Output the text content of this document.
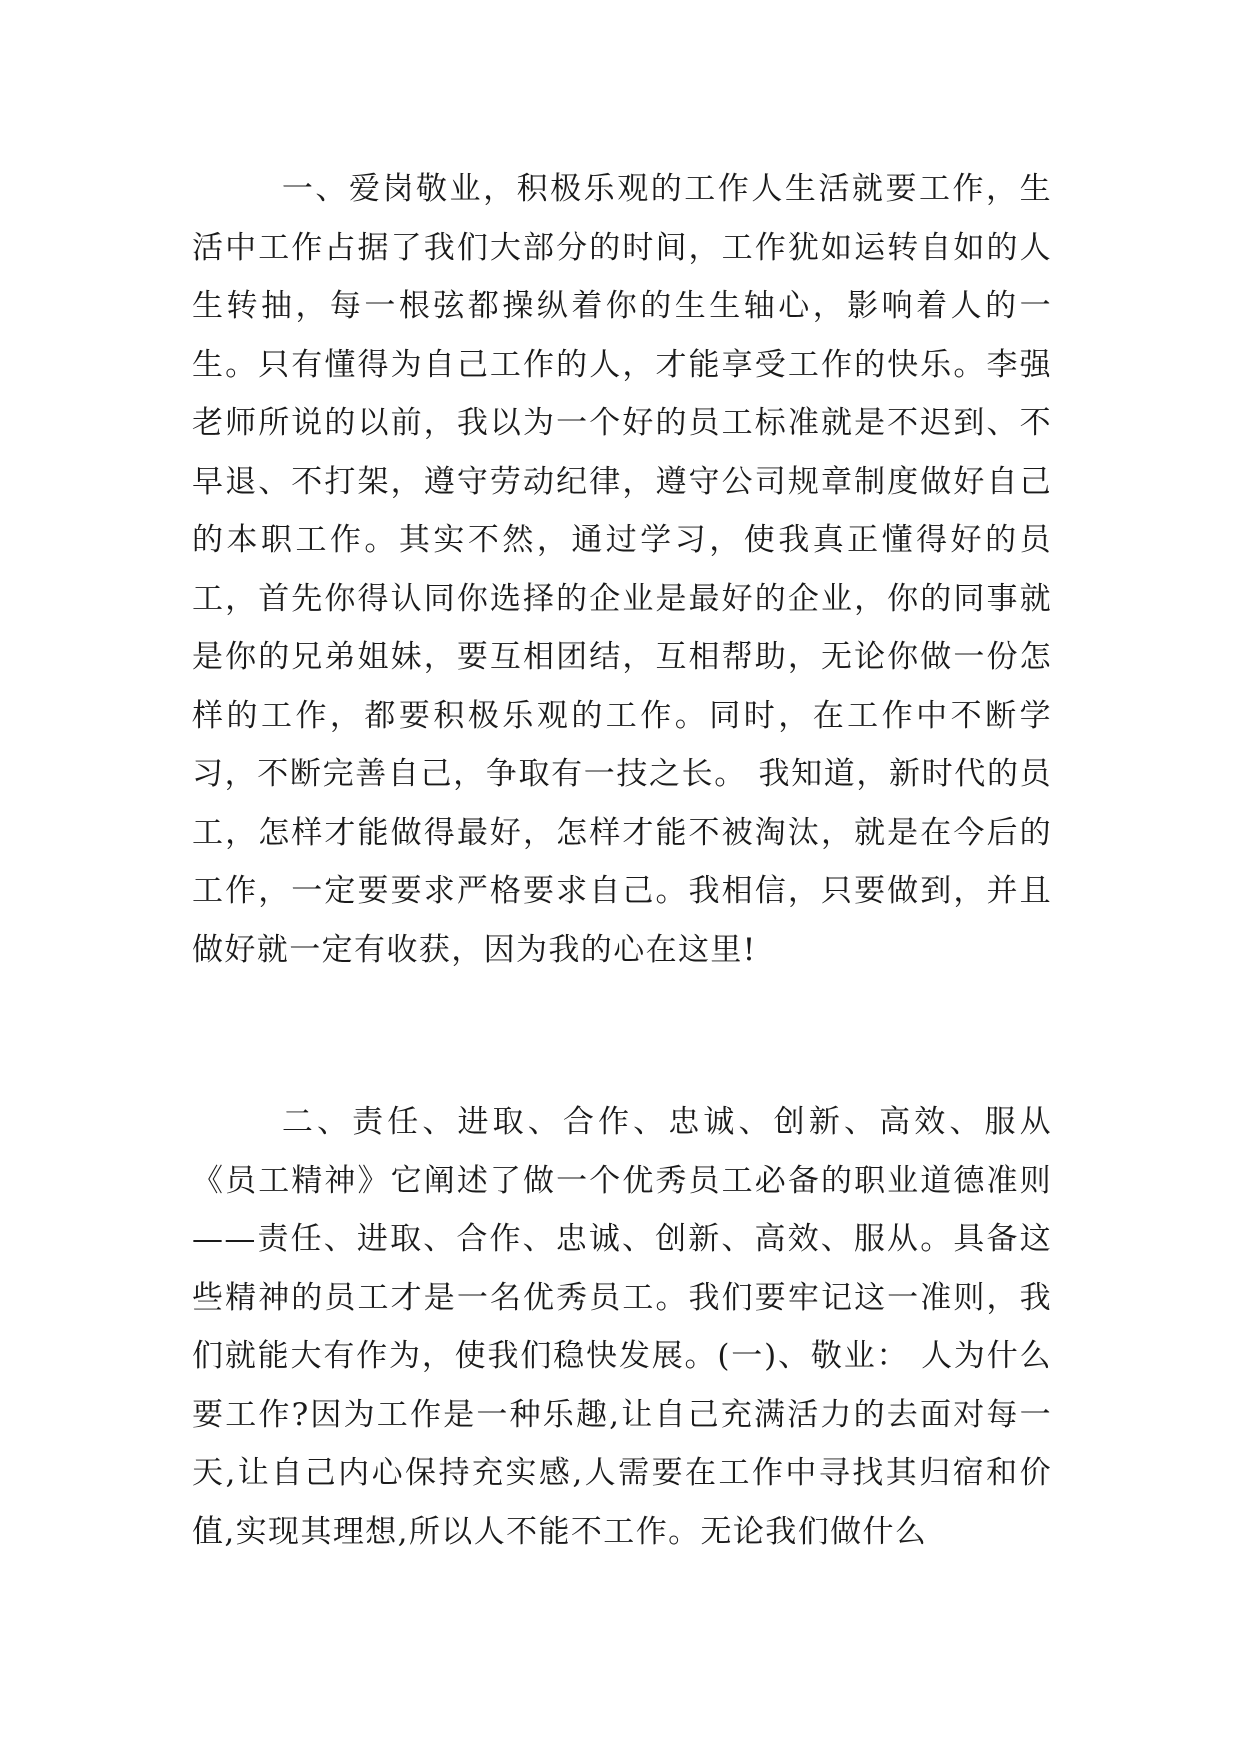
一、爱岗敬业，积极乐观的工作人生活就要工作，生活中工作占据了我们大部分的时间，工作犹如运转自如的人生转抽，每一根弦都操纵着你的生生轴心，影响着人的一生。只有懂得为自己工作的人，才能享受工作的快乐。李强老师所说的以前，我以为一个好的员工标准就是不迟到、不早退、不打架，遵守劳动纪律，遵守公司规章制度做好自己的本职工作。其实不然，通过学习，使我真正懂得好的员工，首先你得认同你选择的企业是最好的企业，你的同事就是你的兄弟姐妹，要互相团结，互相帮助，无论你做一份怎样的工作，都要积极乐观的工作。同时，在工作中不断学习，不断完善自己，争取有一技之长。 我知道，新时代的员工，怎样才能做得最好，怎样才能不被淘汰，就是在今后的工作，一定要要求严格要求自己。我相信，只要做到，并且做好就一定有收获，因为我的心在这里!

二、责任、进取、合作、忠诚、创新、高效、服从《员工精神》它阐述了做一个优秀员工必备的职业道德准则——责任、进取、合作、忠诚、创新、高效、服从。具备这些精神的员工才是一名优秀员工。我们要牢记这一准则，我们就能大有作为，使我们稳快发展。(一)、敬业： 人为什么要工作?因为工作是一种乐趣,让自己充满活力的去面对每一天,让自己内心保持充实感,人需要在工作中寻找其归宿和价值,实现其理想,所以人不能不工作。无论我们做什么
